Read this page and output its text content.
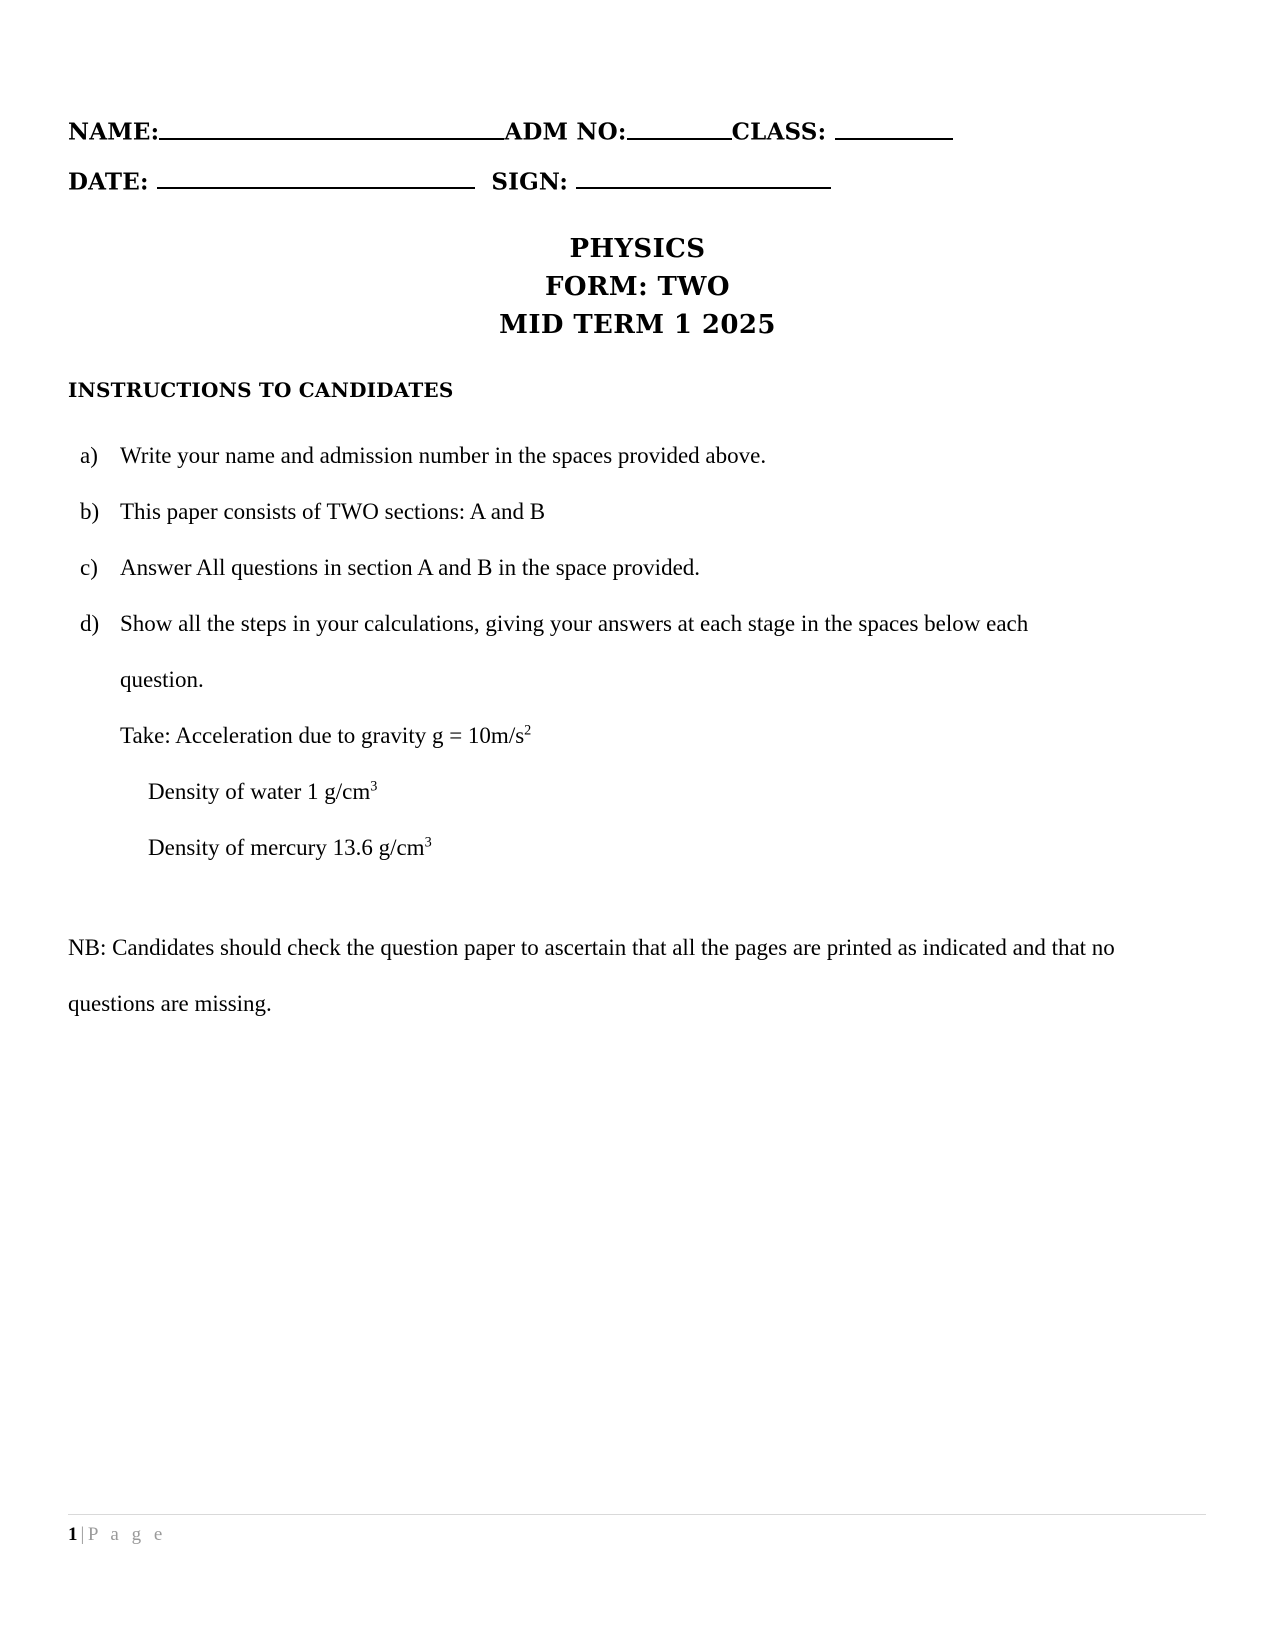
NAME:	ADM NO:	CLASS:
DATE:	SIGN:
PHYSICS
FORM: TWO
MID TERM 1 2025
INSTRUCTIONS TO CANDIDATES
a) Write your name and admission number in the spaces provided above.
b) This paper consists of TWO sections: A and B
c) Answer All questions in section A and B in the space provided.
d) Show all the steps in your calculations, giving your answers at each stage in the spaces below each
question.
Take: Acceleration due to gravity $g = 10m/s^2$
Density of water 1 $g/cm^3$
Density of mercury 13.6 $g/cm^3$
NB: Candidates should check the question paper to ascertain that all the pages are printed as indicated and that no questions are missing.
1 | P a g e
